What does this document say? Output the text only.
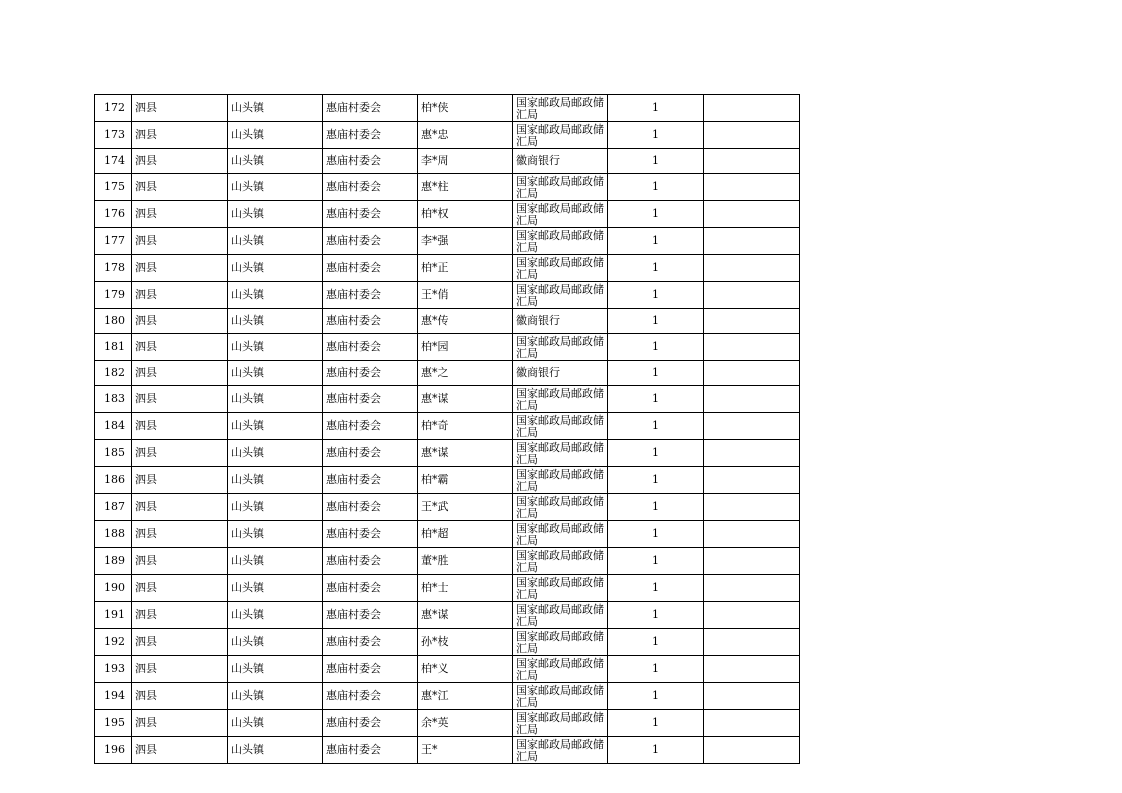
172	泗县	山头镇	惠庙村委会	柏*侠	国家邮政局邮政储汇局	1	
173	泗县	山头镇	惠庙村委会	惠*忠	国家邮政局邮政储汇局	1	
174	泗县	山头镇	惠庙村委会	李*周	徽商银行	1	
175	泗县	山头镇	惠庙村委会	惠*柱	国家邮政局邮政储汇局	1	
176	泗县	山头镇	惠庙村委会	柏*权	国家邮政局邮政储汇局	1	
177	泗县	山头镇	惠庙村委会	李*强	国家邮政局邮政储汇局	1	
178	泗县	山头镇	惠庙村委会	柏*正	国家邮政局邮政储汇局	1	
179	泗县	山头镇	惠庙村委会	王*俏	国家邮政局邮政储汇局	1	
180	泗县	山头镇	惠庙村委会	惠*传	徽商银行	1	
181	泗县	山头镇	惠庙村委会	柏*园	国家邮政局邮政储汇局	1	
182	泗县	山头镇	惠庙村委会	惠*之	徽商银行	1	
183	泗县	山头镇	惠庙村委会	惠*谋	国家邮政局邮政储汇局	1	
184	泗县	山头镇	惠庙村委会	柏*奇	国家邮政局邮政储汇局	1	
185	泗县	山头镇	惠庙村委会	惠*谋	国家邮政局邮政储汇局	1	
186	泗县	山头镇	惠庙村委会	柏*霸	国家邮政局邮政储汇局	1	
187	泗县	山头镇	惠庙村委会	王*武	国家邮政局邮政储汇局	1	
188	泗县	山头镇	惠庙村委会	柏*超	国家邮政局邮政储汇局	1	
189	泗县	山头镇	惠庙村委会	董*胜	国家邮政局邮政储汇局	1	
190	泗县	山头镇	惠庙村委会	柏*士	国家邮政局邮政储汇局	1	
191	泗县	山头镇	惠庙村委会	惠*谋	国家邮政局邮政储汇局	1	
192	泗县	山头镇	惠庙村委会	孙*枝	国家邮政局邮政储汇局	1	
193	泗县	山头镇	惠庙村委会	柏*义	国家邮政局邮政储汇局	1	
194	泗县	山头镇	惠庙村委会	惠*江	国家邮政局邮政储汇局	1	
195	泗县	山头镇	惠庙村委会	余*英	国家邮政局邮政储汇局	1	
196	泗县	山头镇	惠庙村委会	王*	国家邮政局邮政储汇局	1	
